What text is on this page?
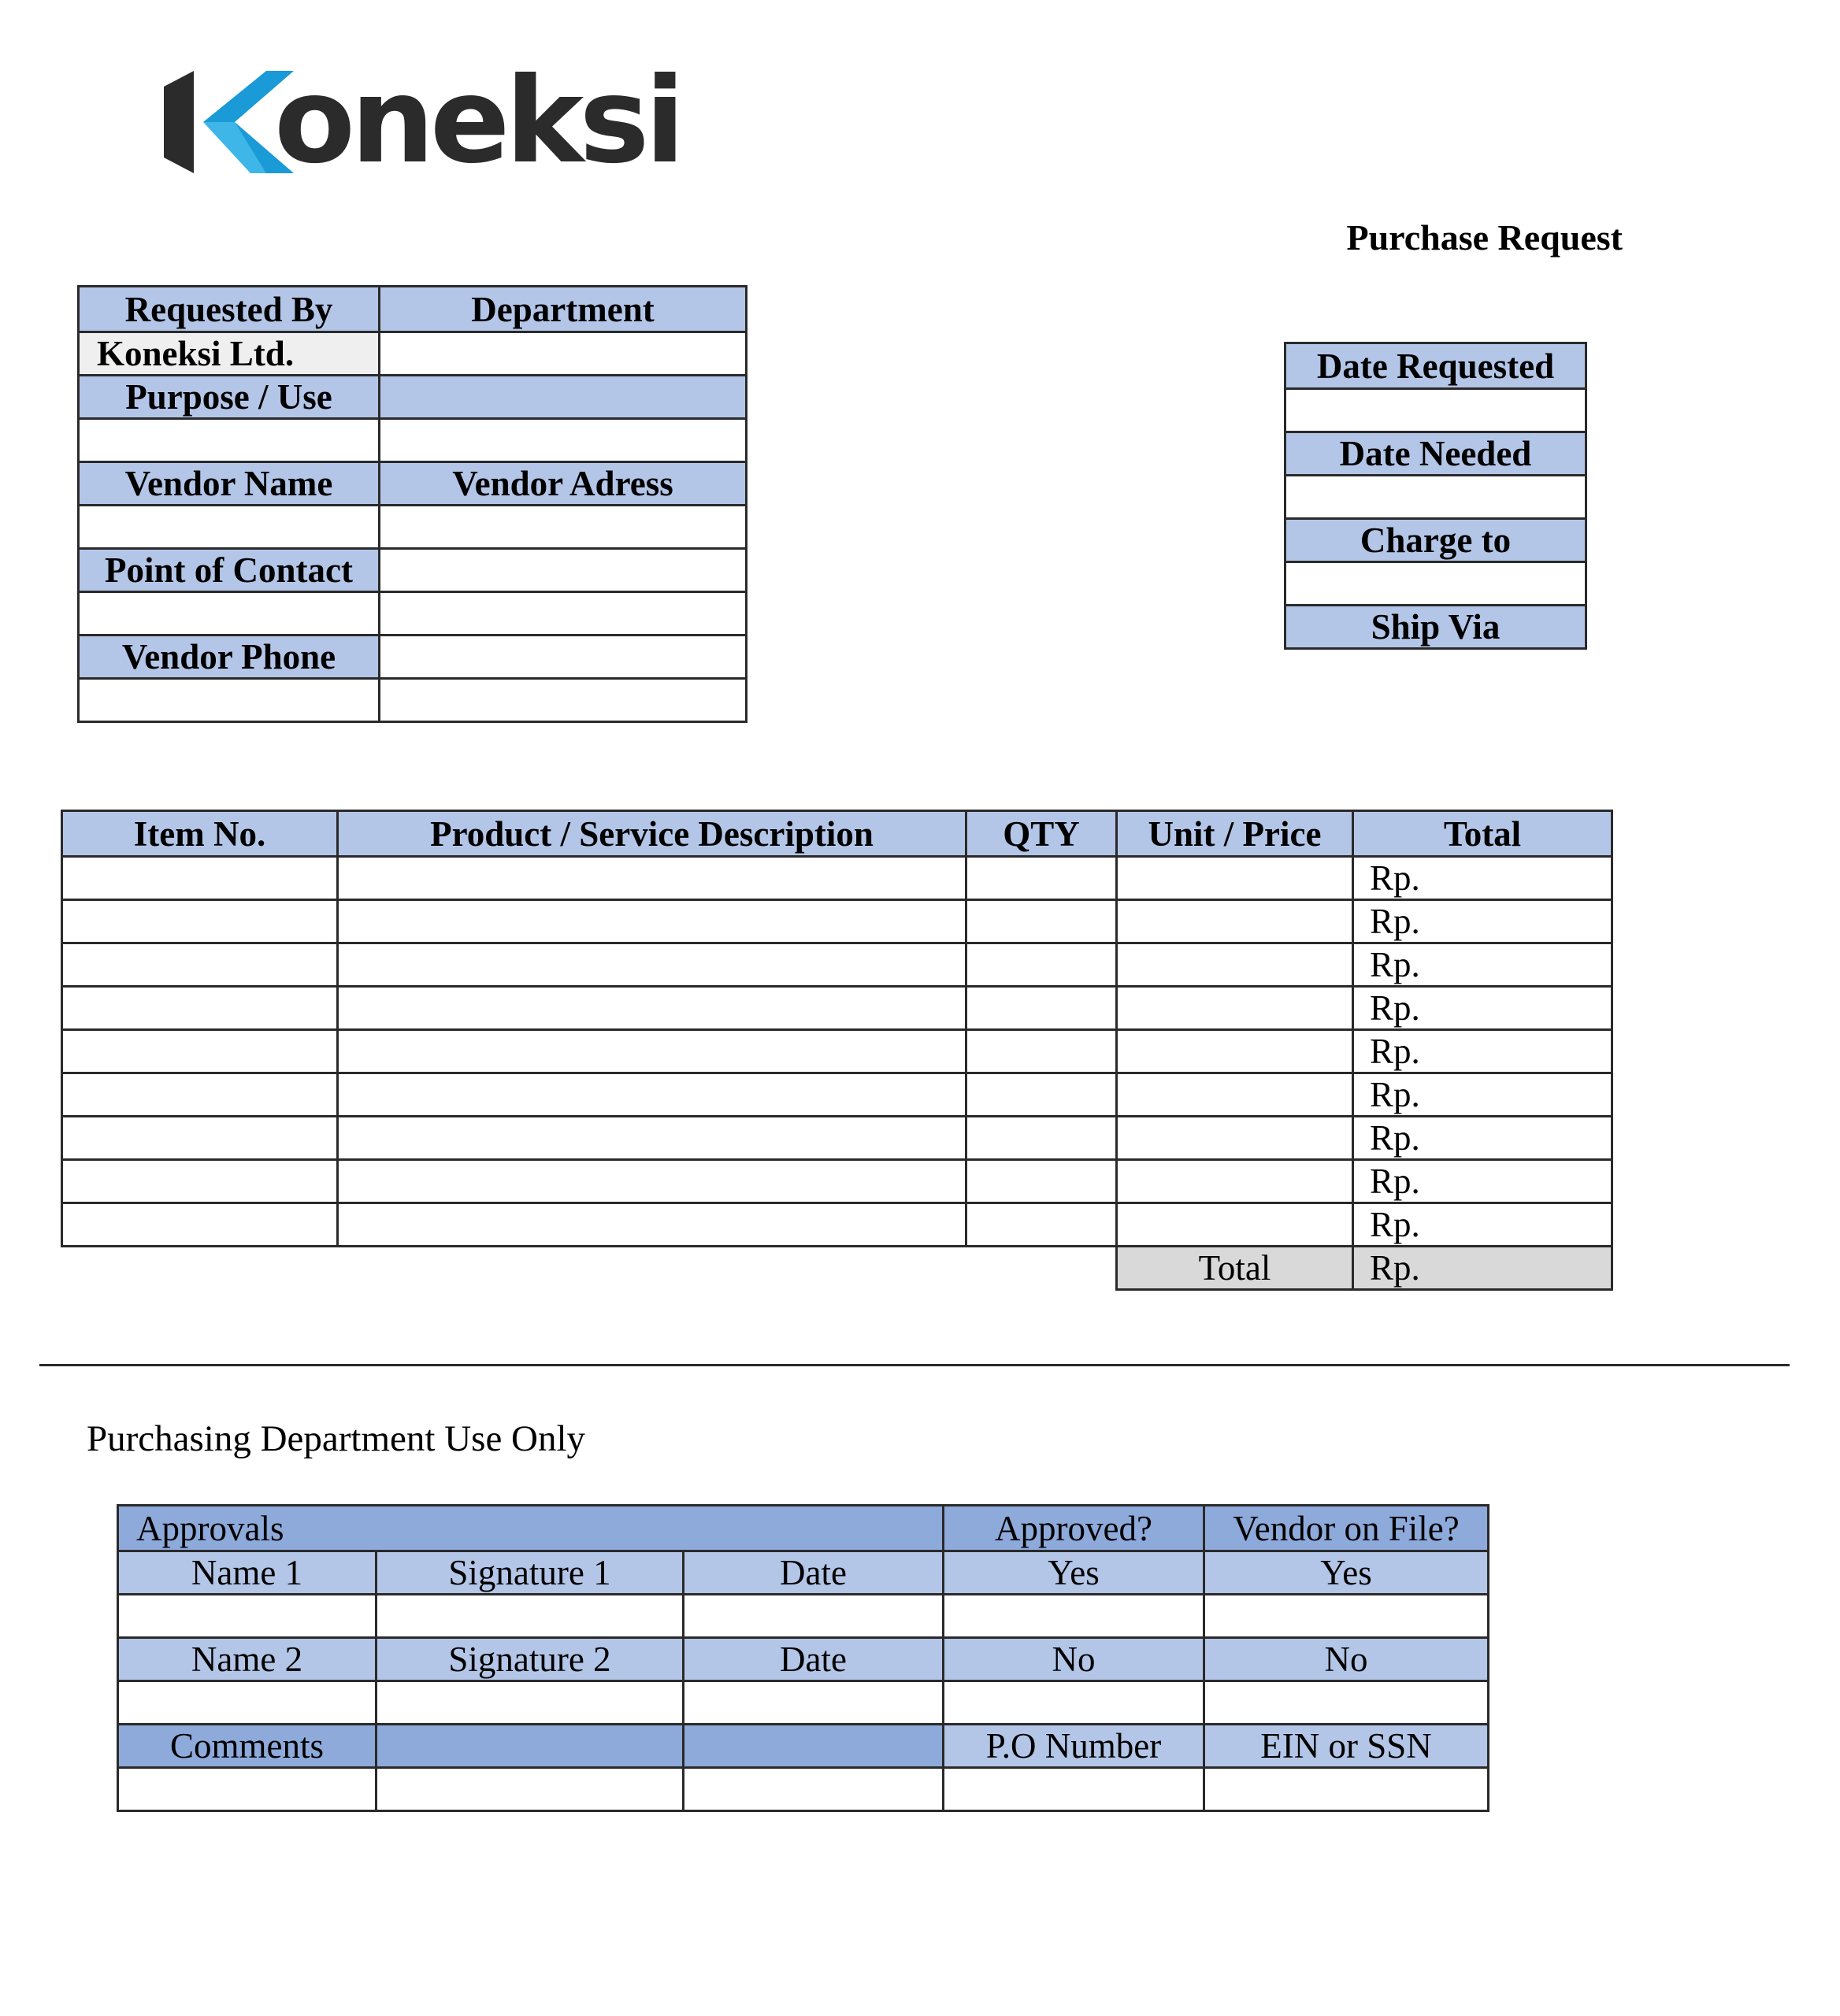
oneksi
Purchase Request
Requested By	Department
Koneksi Ltd.	
Purpose / Use	

Vendor Name	Vendor Adress

Point of Contact	

Vendor Phone	

Date Requested

Date Needed

Charge to

Ship Via
Item No.	Product / Service Description	QTY	Unit / Price	Total
				Rp.
				Rp.
				Rp.
				Rp.
				Rp.
				Rp.
				Rp.
				Rp.
				Rp.
			Total	Rp.
Purchasing Department Use Only
Approvals			Approved?	Vendor on File?
Name 1	Signature 1	Date	Yes	Yes

Name 2	Signature 2	Date	No	No

Comments			P.O Number	EIN or SSN
